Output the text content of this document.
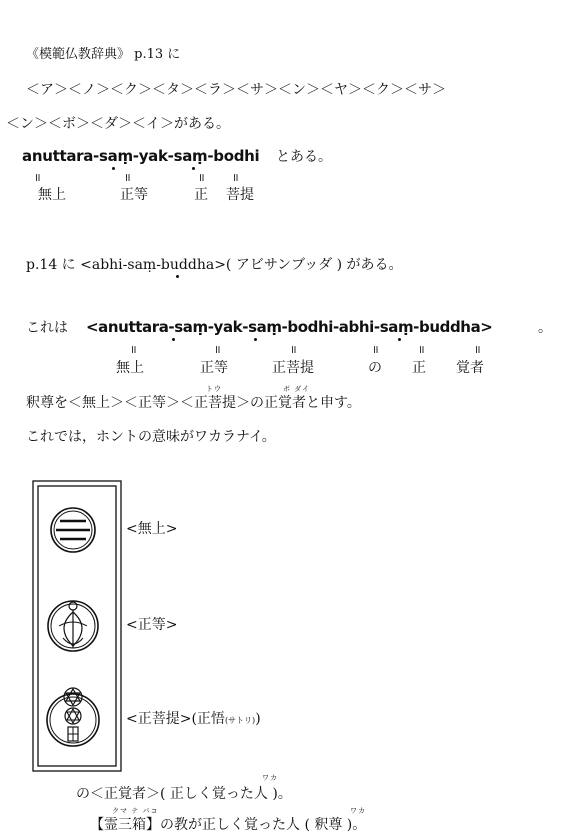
《模範仏教辞典》 p.13 に
＜ア＞＜ノ＞＜ク＞＜タ＞＜ラ＞＜サ＞＜ン＞＜ヤ＞＜ク＞＜サ＞
＜ン＞＜ボ＞＜ダ＞＜イ＞がある。
anuttara-saṃ-yak-saṃ-bodhi とある。
॥	॥	॥ ॥
無上	正等	正 菩提
p.14 に <abhi-saṃ-buddha>( アビサンブッダ ) がある。
これは <anuttara-saṃ-yak-saṃ-bodhi-abhi-saṃ-buddha>	。
॥	॥	॥	॥	॥	॥
無上	正等	正菩提	の 正 覚者
トウ	ボ ダイ
釈尊を＜無上＞＜正等＞＜正菩提＞の正覚者と申す。
これでは，ホントの意味がワカラナイ。
<無上>
<正等>
<正菩提>(正悟(サトリ))
ワカ
の＜正覚者＞( 正しく覚った人 )。
クマ テ バコ	ワカ
【霊三箱】の教が正しく覚った人 ( 釈尊 )。
